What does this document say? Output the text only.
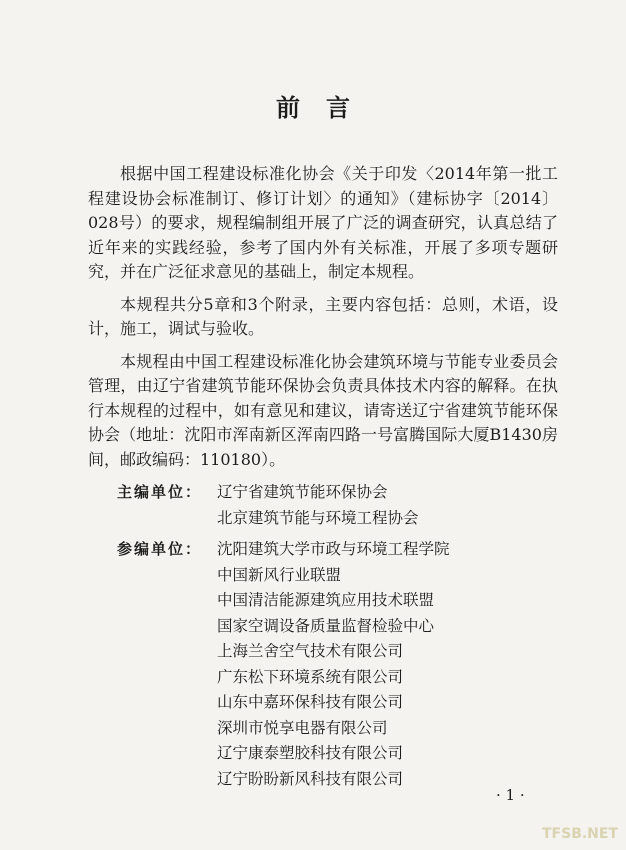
前言

根据中国工程建设标准化协会《关于印发〈2014年第一批工程建设协会标准制订、修订计划〉的通知》（建标协字〔2014〕028号）的要求，规程编制组开展了广泛的调查研究，认真总结了近年来的实践经验，参考了国内外有关标准，开展了多项专题研究，并在广泛征求意见的基础上，制定本规程。

本规程共分5章和3个附录，主要内容包括：总则，术语，设计，施工，调试与验收。

本规程由中国工程建设标准化协会建筑环境与节能专业委员会管理，由辽宁省建筑节能环保协会负责具体技术内容的解释。在执行本规程的过程中，如有意见和建议，请寄送辽宁省建筑节能环保协会（地址：沈阳市浑南新区浑南四路一号富腾国际大厦B1430房间，邮政编码：110180）。

主编单位： 辽宁省建筑节能环保协会
北京建筑节能与环境工程协会
参编单位： 沈阳建筑大学市政与环境工程学院
中国新风行业联盟
中国清洁能源建筑应用技术联盟
国家空调设备质量监督检验中心
上海兰舍空气技术有限公司
广东松下环境系统有限公司
山东中嘉环保科技有限公司
深圳市悦享电器有限公司
辽宁康泰塑胶科技有限公司
辽宁盼盼新风科技有限公司
· 1 ·
TFSB.NET
